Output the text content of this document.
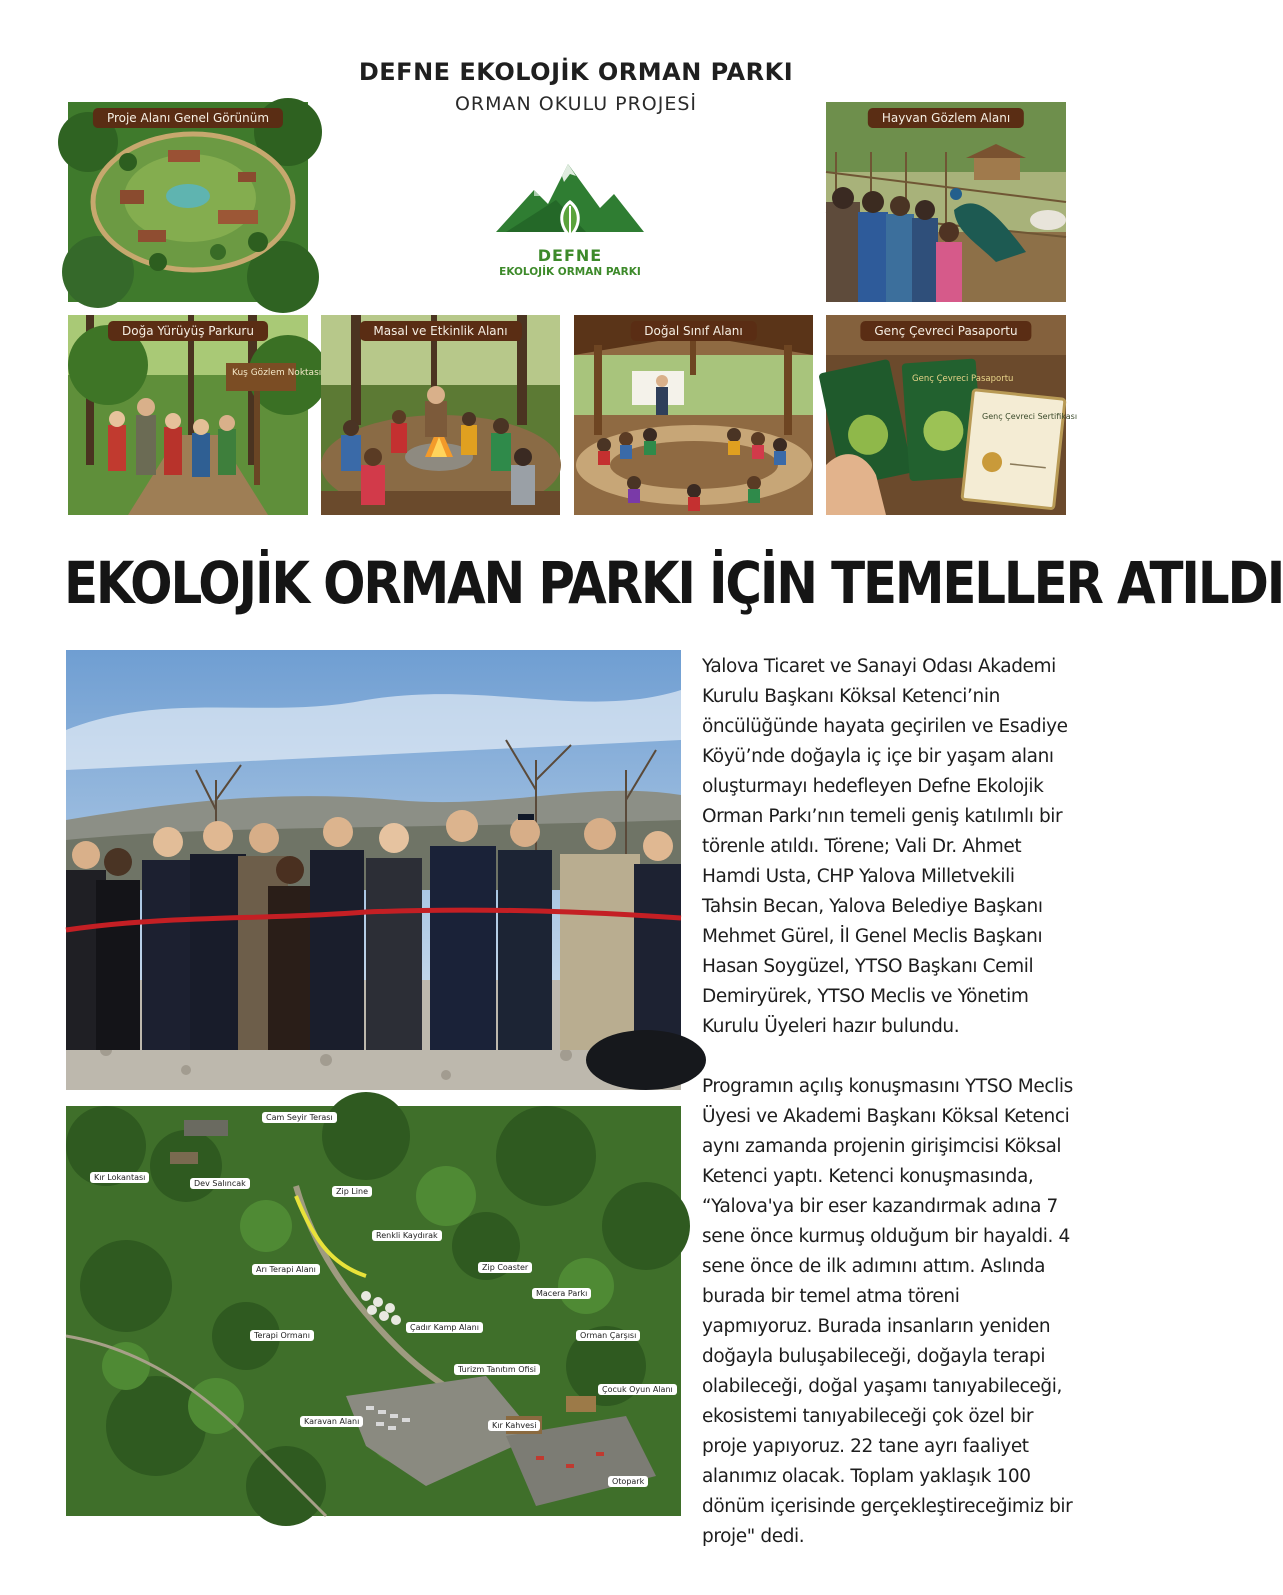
DEFNE EKOLOJİK ORMAN PARKI
ORMAN OKULU PROJESİ
DEFNE
EKOLOJİK ORMAN PARKI
Proje Alanı Genel Görünüm	Hayvan Gözlem Alanı
Kuş Gözlem Noktası
Doğa Yürüyüş Parkuru	Masal ve Etkinlik Alanı	Doğal Sınıf Alanı
Genç Çevreci Pasaportu
Genç Çevreci Sertifikası
Genç Çevreci Pasaportu
EKOLOJİK ORMAN PARKI İÇİN TEMELLER ATILDI
Cam Seyir Terası
Kır Lokantası
Dev Salıncak
Zip Line
Renkli Kaydırak
Arı Terapi Alanı	Zip Coaster
Macera Parkı
Terapi Ormanı
Çadır Kamp Alanı
Orman Çarşısı
Turizm Tanıtım Ofisi
Çocuk Oyun Alanı
Karavan Alanı	Kır Kahvesi
Otopark

Yalova Ticaret ve Sanayi Odası Akademi Kurulu Başkanı Köksal Ketenci’nin öncülüğünde hayata geçirilen ve Esadiye Köyü’nde doğayla iç içe bir yaşam alanı oluşturmayı hedefleyen Defne Ekolojik Orman Parkı’nın temeli geniş katılımlı bir törenle atıldı. Törene; Vali Dr. Ahmet Hamdi Usta, CHP Yalova Milletvekili Tahsin Becan, Yalova Belediye Başkanı Mehmet Gürel, İl Genel Meclis Başkanı Hasan Soygüzel, YTSO Başkanı Cemil Demiryürek, YTSO Meclis ve Yönetim Kurulu Üyeleri hazır bulundu.

Programın açılış konuşmasını YTSO Meclis Üyesi ve Akademi Başkanı Köksal Ketenci aynı zamanda projenin girişimcisi Köksal Ketenci yaptı. Ketenci konuşmasında, “Yalova'ya bir eser kazandırmak adına 7 sene önce kurmuş olduğum bir hayaldi. 4 sene önce de ilk adımını attım. Aslında burada bir temel atma töreni yapmıyoruz. Burada insanların yeniden doğayla buluşabileceği, doğayla terapi olabileceği, doğal yaşamı tanıyabileceği, ekosistemi tanıyabileceği çok özel bir proje yapıyoruz. 22 tane ayrı faaliyet alanımız olacak. Toplam yaklaşık 100 dönüm içerisinde gerçekleştireceğimiz bir proje" dedi.
